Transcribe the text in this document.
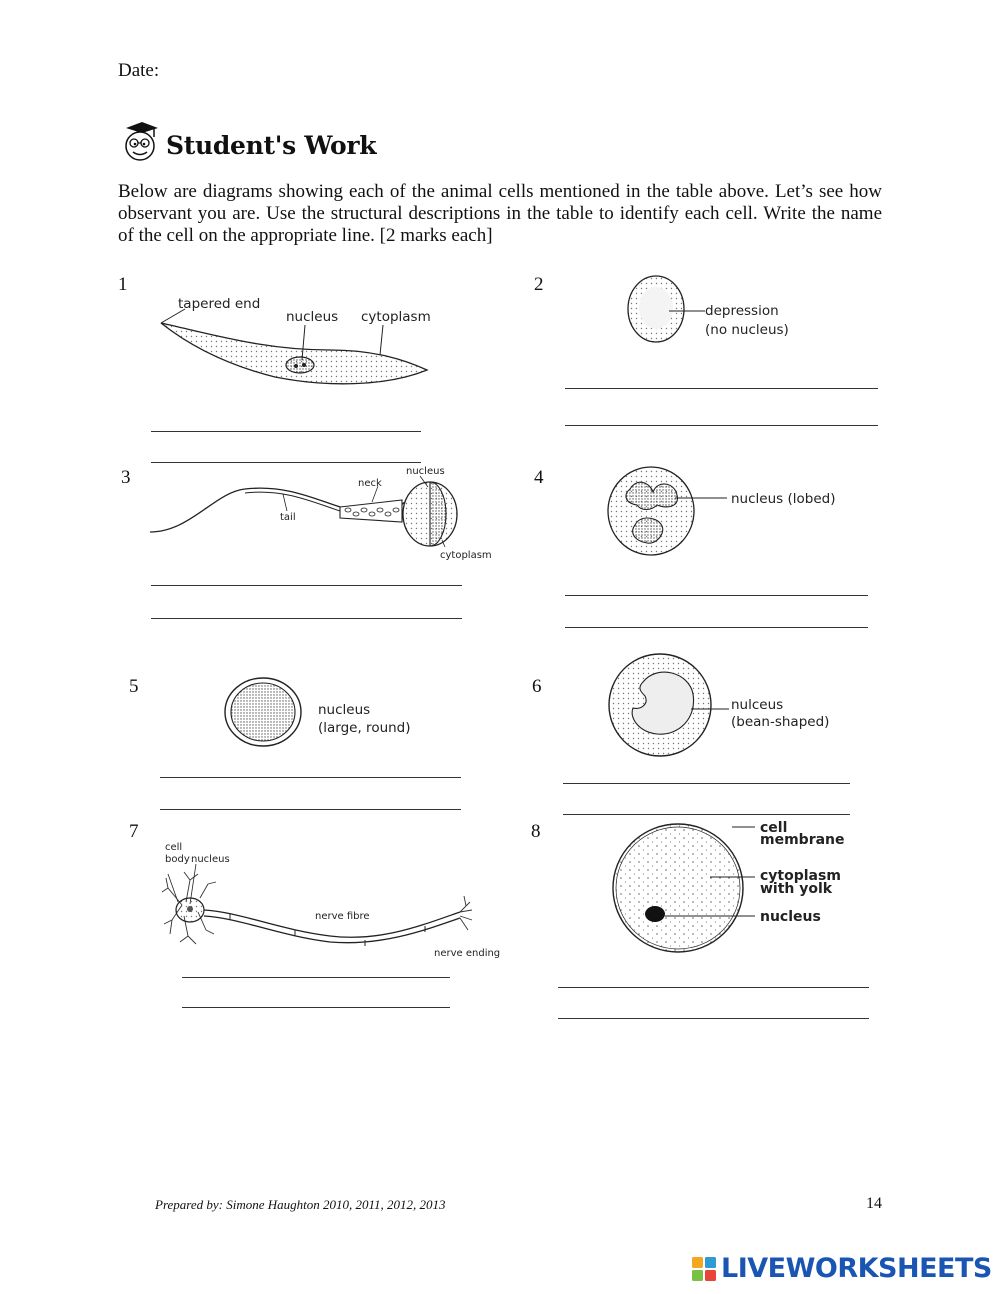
Date:
Student's Work
Below are diagrams showing each of the animal cells mentioned in the table above. Let’s see how observant you are. Use the structural descriptions in the table to identify each cell. Write the name of the cell on the appropriate line. [2 marks each]
1
tapered end
nucleus cytoplasm
2
depression
(no nucleus)
3	nucleus
neck
tail
cytoplasm
4
nucleus (lobed)
5
nucleus
(large, round)
6
nulceus
(bean-shaped)
7
cell
body nucleus
nerve fibre
nerve ending
8	cell
membrane
cytoplasm
with yolk
nucleus
Prepared by: Simone Haughton 2010, 2011, 2012, 2013	14
LIVEWORKSHEETS
